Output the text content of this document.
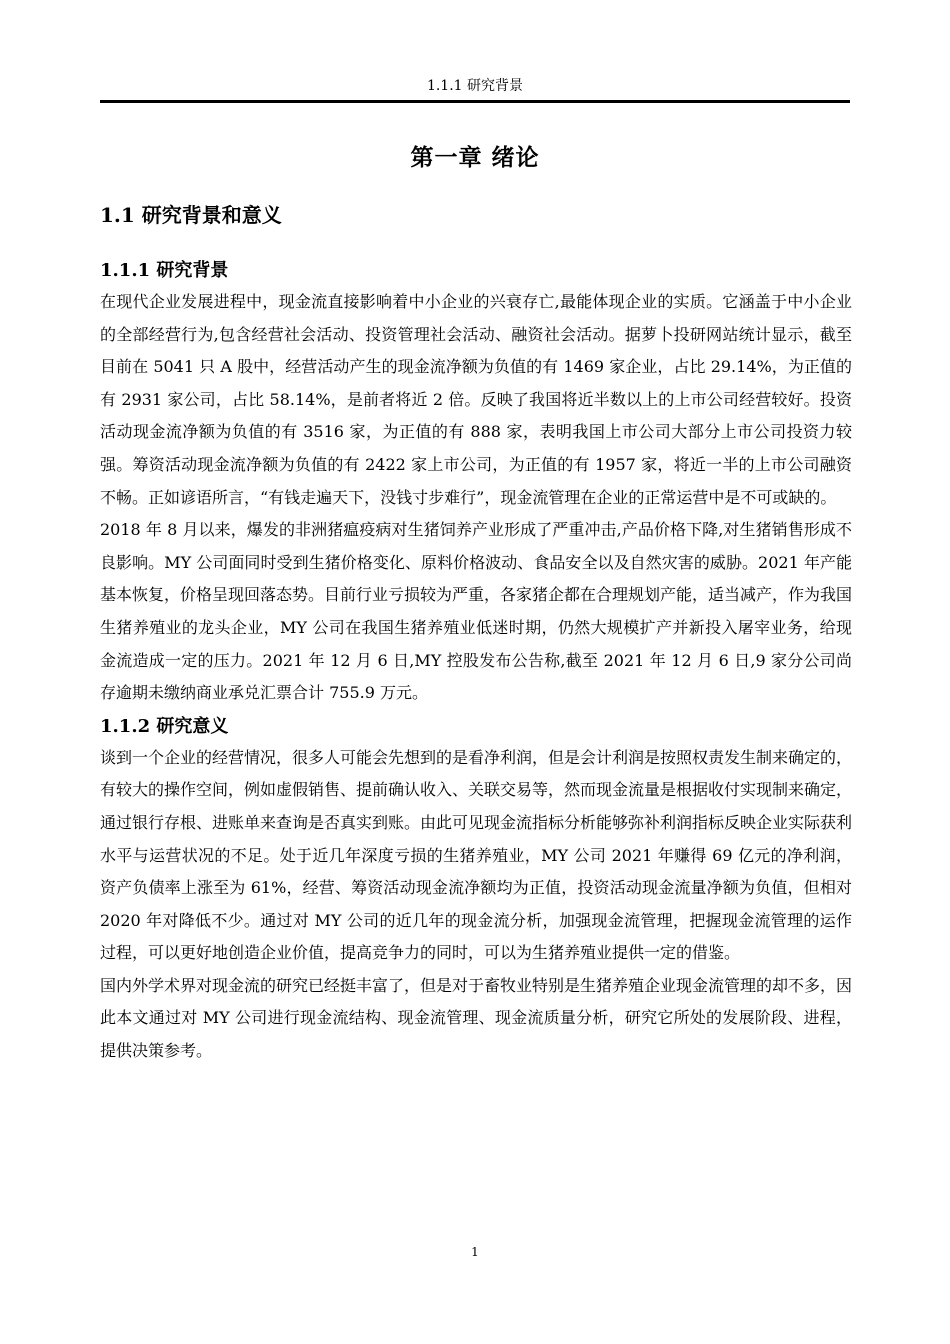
1.1.1 研究背景
第一章 绪论
1.1 研究背景和意义
1.1.1 研究背景

在现代企业发展进程中，现金流直接影响着中小企业的兴衰存亡,最能体现企业的实质。它涵盖于中小企业的全部经营行为,包含经营社会活动、投资管理社会活动、融资社会活动。据萝卜投研网站统计显示，截至目前在 5041 只 A 股中，经营活动产生的现金流净额为负值的有 1469 家企业，占比 29.14%，为正值的有 2931 家公司，占比 58.14%，是前者将近 2 倍。反映了我国将近半数以上的上市公司经营较好。投资活动现金流净额为负值的有 3516 家，为正值的有 888 家，表明我国上市公司大部分上市公司投资力较强。筹资活动现金流净额为负值的有 2422 家上市公司，为正值的有 1957 家，将近一半的上市公司融资不畅。正如谚语所言，“有钱走遍天下，没钱寸步难行”，现金流管理在企业的正常运营中是不可或缺的。

2018 年 8 月以来，爆发的非洲猪瘟疫病对生猪饲养产业形成了严重冲击,产品价格下降,对生猪销售形成不良影响。MY 公司面同时受到生猪价格变化、原料价格波动、食品安全以及自然灾害的威胁。2021 年产能基本恢复，价格呈现回落态势。目前行业亏损较为严重，各家猪企都在合理规划产能，适当减产，作为我国生猪养殖业的龙头企业，MY 公司在我国生猪养殖业低迷时期，仍然大规模扩产并新投入屠宰业务，给现金流造成一定的压力。2021 年 12 月 6 日,MY 控股发布公告称,截至 2021 年 12 月 6 日,9 家分公司尚存逾期未缴纳商业承兑汇票合计 755.9 万元。

1.1.2 研究意义

谈到一个企业的经营情况，很多人可能会先想到的是看净利润，但是会计利润是按照权责发生制来确定的，有较大的操作空间，例如虚假销售、提前确认收入、关联交易等，然而现金流量是根据收付实现制来确定，通过银行存根、进账单来查询是否真实到账。由此可见现金流指标分析能够弥补利润指标反映企业实际获利水平与运营状况的不足。处于近几年深度亏损的生猪养殖业，MY 公司 2021 年赚得 69 亿元的净利润，资产负债率上涨至为 61%，经营、筹资活动现金流净额均为正值，投资活动现金流量净额为负值，但相对 2020 年对降低不少。通过对 MY 公司的近几年的现金流分析，加强现金流管理，把握现金流管理的运作过程，可以更好地创造企业价值，提高竞争力的同时，可以为生猪养殖业提供一定的借鉴。

国内外学术界对现金流的研究已经挺丰富了，但是对于畜牧业特别是生猪养殖企业现金流管理的却不多，因此本文通过对 MY 公司进行现金流结构、现金流管理、现金流质量分析，研究它所处的发展阶段、进程，提供决策参考。

1
